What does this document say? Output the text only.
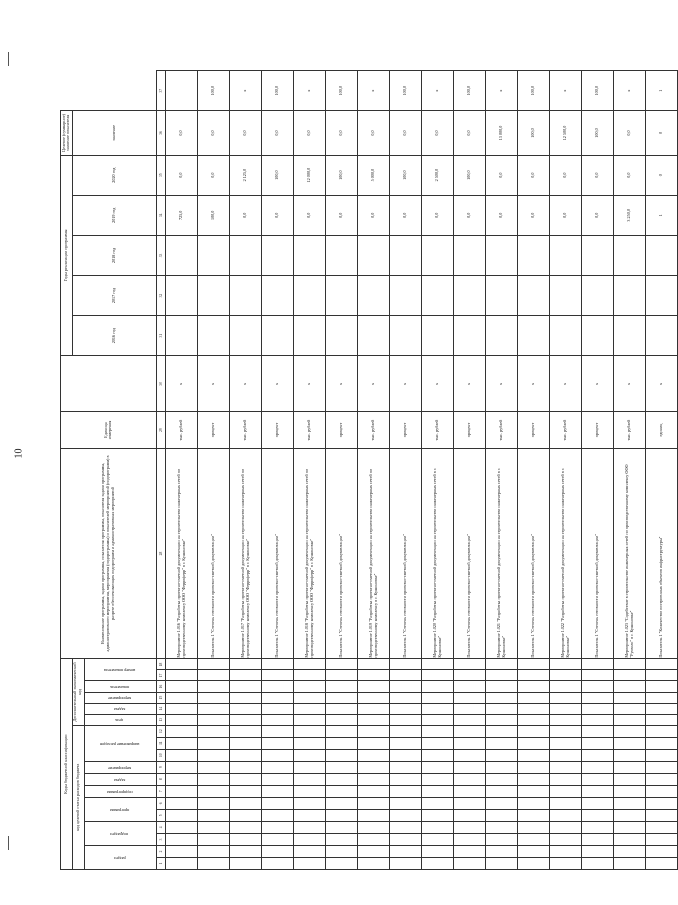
10
Коды бюджетной классификации																		Наименование программы, задачи программы, показателя программы, показателя задачи программы, административного мероприятия, мероприятия (подпрограммы) и показателей мероприятий (подпрограмм) в разрезе обеспечивающих подпрограмм и административных мероприятий	Единица измерения		Годы реализации программы					Целевое (суммарное) значение показателя	
код целевой статьи расходов бюджета												Дополнительный экономический код									2016 год	2017 год	2018 год	2019 год	2020 год	значение	
раздел		подраздел		программа		подпрограмма	задача	мероприятие	направление расходов			цель	задача	мероприятие	показатель	номер показателя											
1	2	3	4	5	6	7	8	9	10	11	12	13	14	15	16	17	18	28	29	30	31	32	33	34	35	36	37
																		Мероприятие 1.016 "Разработка проектно-сметной документации на строительство инженерных сетей по производственному комплексу ООО "Ферроферр" в г. Кушиновке"	тыс. рублей	х				725,0	0,0	0,0	
																		Показатель 1 "Степень готовности проектно-сметной документации"	процент	х				100,0	0,0	0,0	100,0
																		Мероприятие 1.017 "Разработка проектно-сметной документации на строительство инженерных сетей по производственному комплексу ООО "Ферроферр" в г. Кушиновке"	тыс. рублей	х				0,0	2 125,0	0,0	х
																		Показатель 1 "Степень готовности проектно-сметной документации"	процент	х				0,0	100,0	0,0	100,0
																		Мероприятие 1.018 "Разработка проектно-сметной документации на строительство инженерных сетей по производственному комплексу ООО "Ферроферр" в г. Кушиновке"	тыс. рублей	х				0,0	12 000,0	0,0	х
																		Показатель 1 "Степень готовности проектно-сметной документации"	процент	х				0,0	100,0	0,0	100,0
																		Мероприятие 1.019 "Разработка проектно-сметной документации на строительство инженерных сетей по производственному комплексу в г. Кушиновке"	тыс. рублей	х				0,0	5 000,0	0,0	х
																		Показатель 1 "Степень готовности проектно-сметной документации"	процент	х				0,0	100,0	0,0	100,0
																		Мероприятие 1.020 "Разработка проектно-сметной документации на строительство инженерных сетей в г. Кушиновке"	тыс. рублей	х				0,0	2 500,0	0,0	х
																		Показатель 1 "Степень готовности проектно-сметной документации"	процент	х				0,0	100,0	0,0	100,0
																		Мероприятие 1.021 "Разработка проектно-сметной документации на строительство инженерных сетей в г. Кушиновке"	тыс. рублей	х				0,0	0,0	13 000,0	х
																		Показатель 1 "Степень готовности проектно-сметной документации"	процент	х				0,0	0,0	100,0	100,0
																		Мероприятие 1.022 "Разработка проектно-сметной документации на строительство инженерных сетей в г. Кушиновке"	тыс. рублей	х				0,0	0,0	12 500,0	х
																		Показатель 1 "Степень готовности проектно-сметной документации"	процент	х				0,0	0,0	100,0	100,0
																		Мероприятие 1.023 "Содействие в строительстве инженерных сетей по производственному комплексу ООО "Русволс" в г. Кушиновке"	тыс. рублей	х				3 250,0	0,0	0,0	х
																		Показатель 1 "Количество построенных объектов инфраструктуры"	единиц	х				1	0	0	1
